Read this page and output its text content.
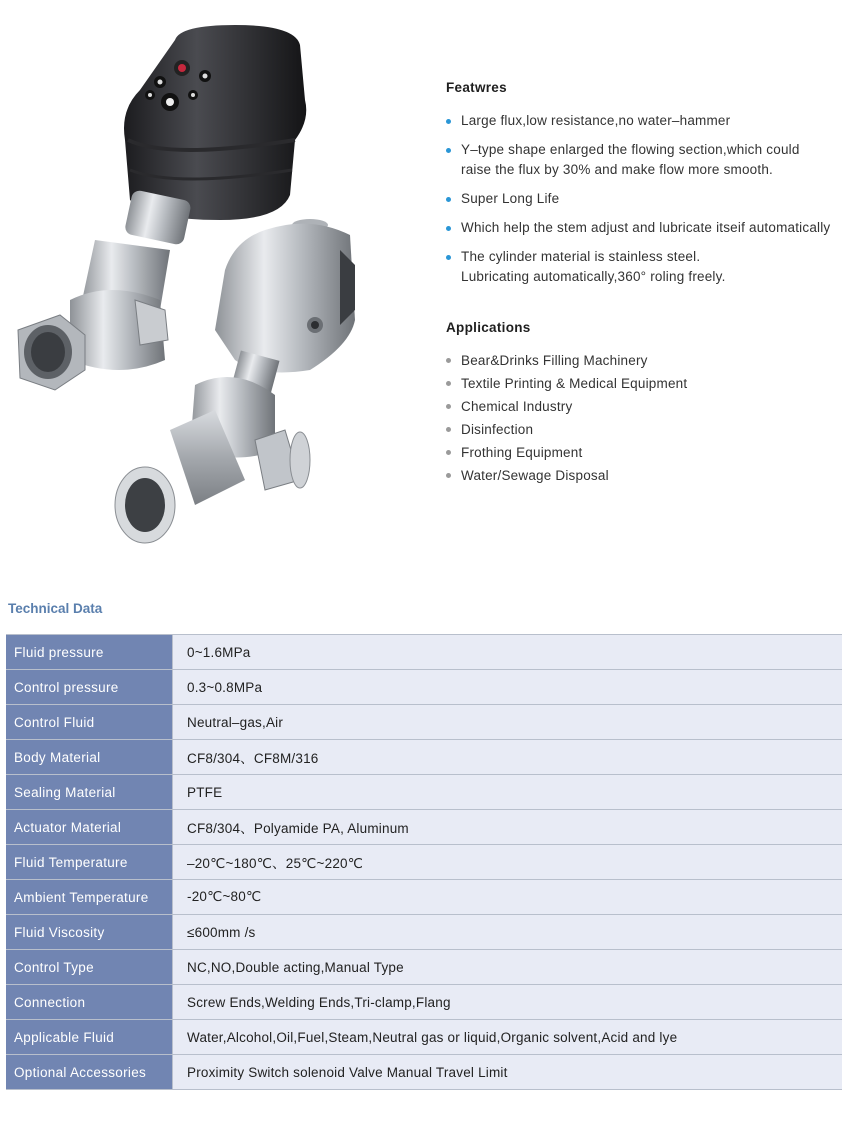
Featwres
Large flux,low resistance,no water–hammer
Y–type shape enlarged the flowing section,which could
raise the flux by 30% and make flow more smooth.
Super Long Life
Which help the stem adjust and lubricate itseif automatically
The cylinder material is stainless steel.
Lubricating automatically,360° roling freely.
Applications
Bear&Drinks Filling Machinery
Textile Printing & Medical Equipment
Chemical Industry
Disinfection
Frothing Equipment
Water/Sewage Disposal
Technical Data
Fluid pressure	0~1.6MPa
Control pressure	0.3~0.8MPa
Control Fluid	Neutral–gas,Air
Body Material	CF8/304、CF8M/316
Sealing Material	PTFE
Actuator Material	CF8/304、Polyamide PA, Aluminum
Fluid Temperature	–20℃~180℃、25℃~220℃
Ambient Temperature	-20℃~80℃
Fluid Viscosity	≤600mm /s
Control Type	NC,NO,Double acting,Manual Type
Connection	Screw Ends,Welding Ends,Tri-clamp,Flang
Applicable Fluid	Water,Alcohol,Oil,Fuel,Steam,Neutral gas or liquid,Organic solvent,Acid and lye
Optional Accessories	Proximity Switch solenoid Valve Manual Travel Limit
